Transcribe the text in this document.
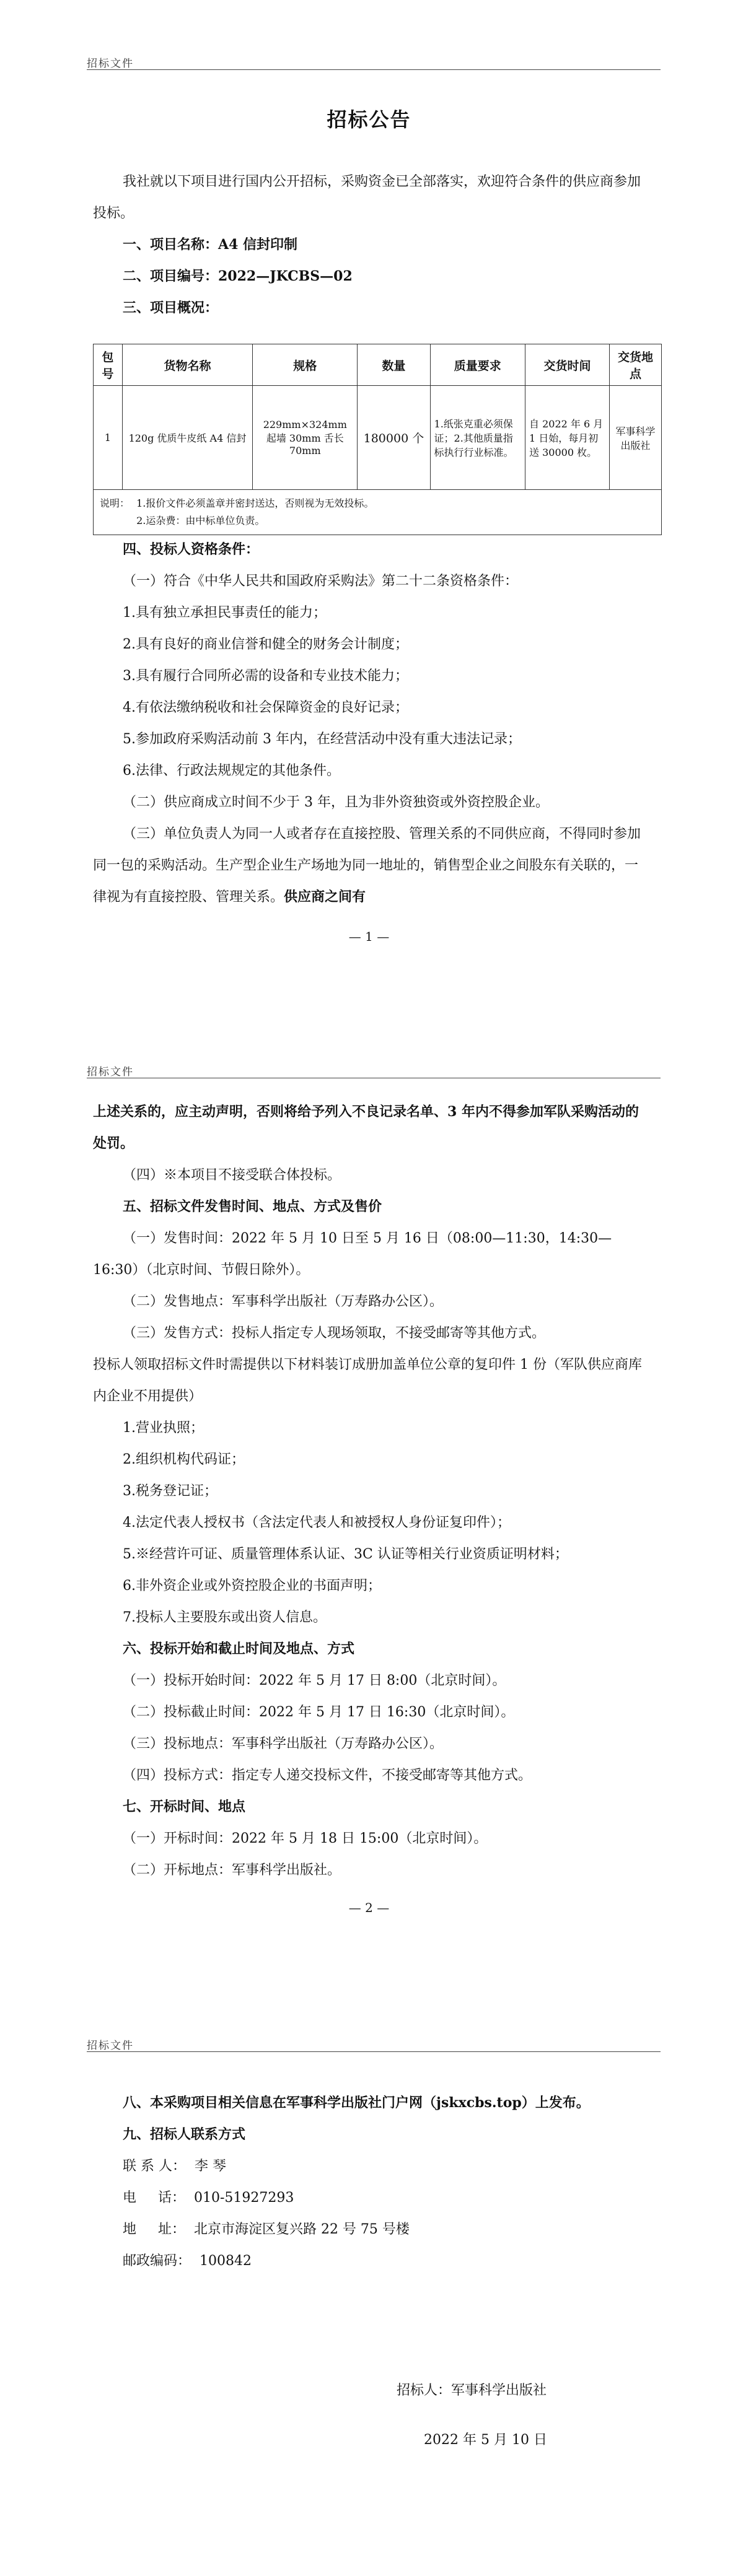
招标文件
招标公告
我社就以下项目进行国内公开招标，采购资金已全部落实，欢迎符合条件的供应商参加投标。
一、项目名称：A4 信封印制
二、项目编号：2022—JKCBS—02
三、项目概况：
包号	货物名称	规格	数量	质量要求	交货时间	交货地点
1	120g 优质牛皮纸 A4 信封	229mm×324mm 起墙 30mm 舌长 70mm	180000 个	1.纸张克重必须保证；2.其他质量指标执行行业标准。	自 2022 年 6 月 1 日始，每月初送 30000 枚。	军事科学出版社
说明： 1.报价文件必须盖章并密封送达，否则视为无效投标。
2.运杂费：由中标单位负责。						
四、投标人资格条件：
（一）符合《中华人民共和国政府采购法》第二十二条资格条件：
1.具有独立承担民事责任的能力；
2.具有良好的商业信誉和健全的财务会计制度；
3.具有履行合同所必需的设备和专业技术能力；
4.有依法缴纳税收和社会保障资金的良好记录；
5.参加政府采购活动前 3 年内，在经营活动中没有重大违法记录；
6.法律、行政法规规定的其他条件。
（二）供应商成立时间不少于 3 年，且为非外资独资或外资控股企业。
（三）单位负责人为同一人或者存在直接控股、管理关系的不同供应商，不得同时参加同一包的采购活动。生产型企业生产场地为同一地址的，销售型企业之间股东有关联的，一律视为有直接控股、管理关系。供应商之间有
— 1 —
招标文件
上述关系的，应主动声明，否则将给予列入不良记录名单、3 年内不得参加军队采购活动的处罚。
（四）※本项目不接受联合体投标。
五、招标文件发售时间、地点、方式及售价
（一）发售时间：2022 年 5 月 10 日至 5 月 16 日（08:00—11:30，14:30—16:30）（北京时间、节假日除外）。
（二）发售地点：军事科学出版社（万寿路办公区）。
（三）发售方式：投标人指定专人现场领取，不接受邮寄等其他方式。
投标人领取招标文件时需提供以下材料装订成册加盖单位公章的复印件 1 份（军队供应商库内企业不用提供）
1.营业执照；
2.组织机构代码证；
3.税务登记证；
4.法定代表人授权书（含法定代表人和被授权人身份证复印件）；
5.※经营许可证、质量管理体系认证、3C 认证等相关行业资质证明材料；
6.非外资企业或外资控股企业的书面声明；
7.投标人主要股东或出资人信息。
六、投标开始和截止时间及地点、方式
（一）投标开始时间：2022 年 5 月 17 日 8:00（北京时间）。
（二）投标截止时间：2022 年 5 月 17 日 16:30（北京时间）。
（三）投标地点：军事科学出版社（万寿路办公区）。
（四）投标方式：指定专人递交投标文件，不接受邮寄等其他方式。
七、开标时间、地点
（一）开标时间：2022 年 5 月 18 日 15:00（北京时间）。
（二）开标地点：军事科学出版社。
— 2 —
招标文件
八、本采购项目相关信息在军事科学出版社门户网（jskxcbs.top）上发布。
九、招标人联系方式
联 系 人：  李 琴
电     话：  010-51927293
地     址：  北京市海淀区复兴路 22 号 75 号楼
邮政编码：  100842
招标人：军事科学出版社
2022 年 5 月 10 日
